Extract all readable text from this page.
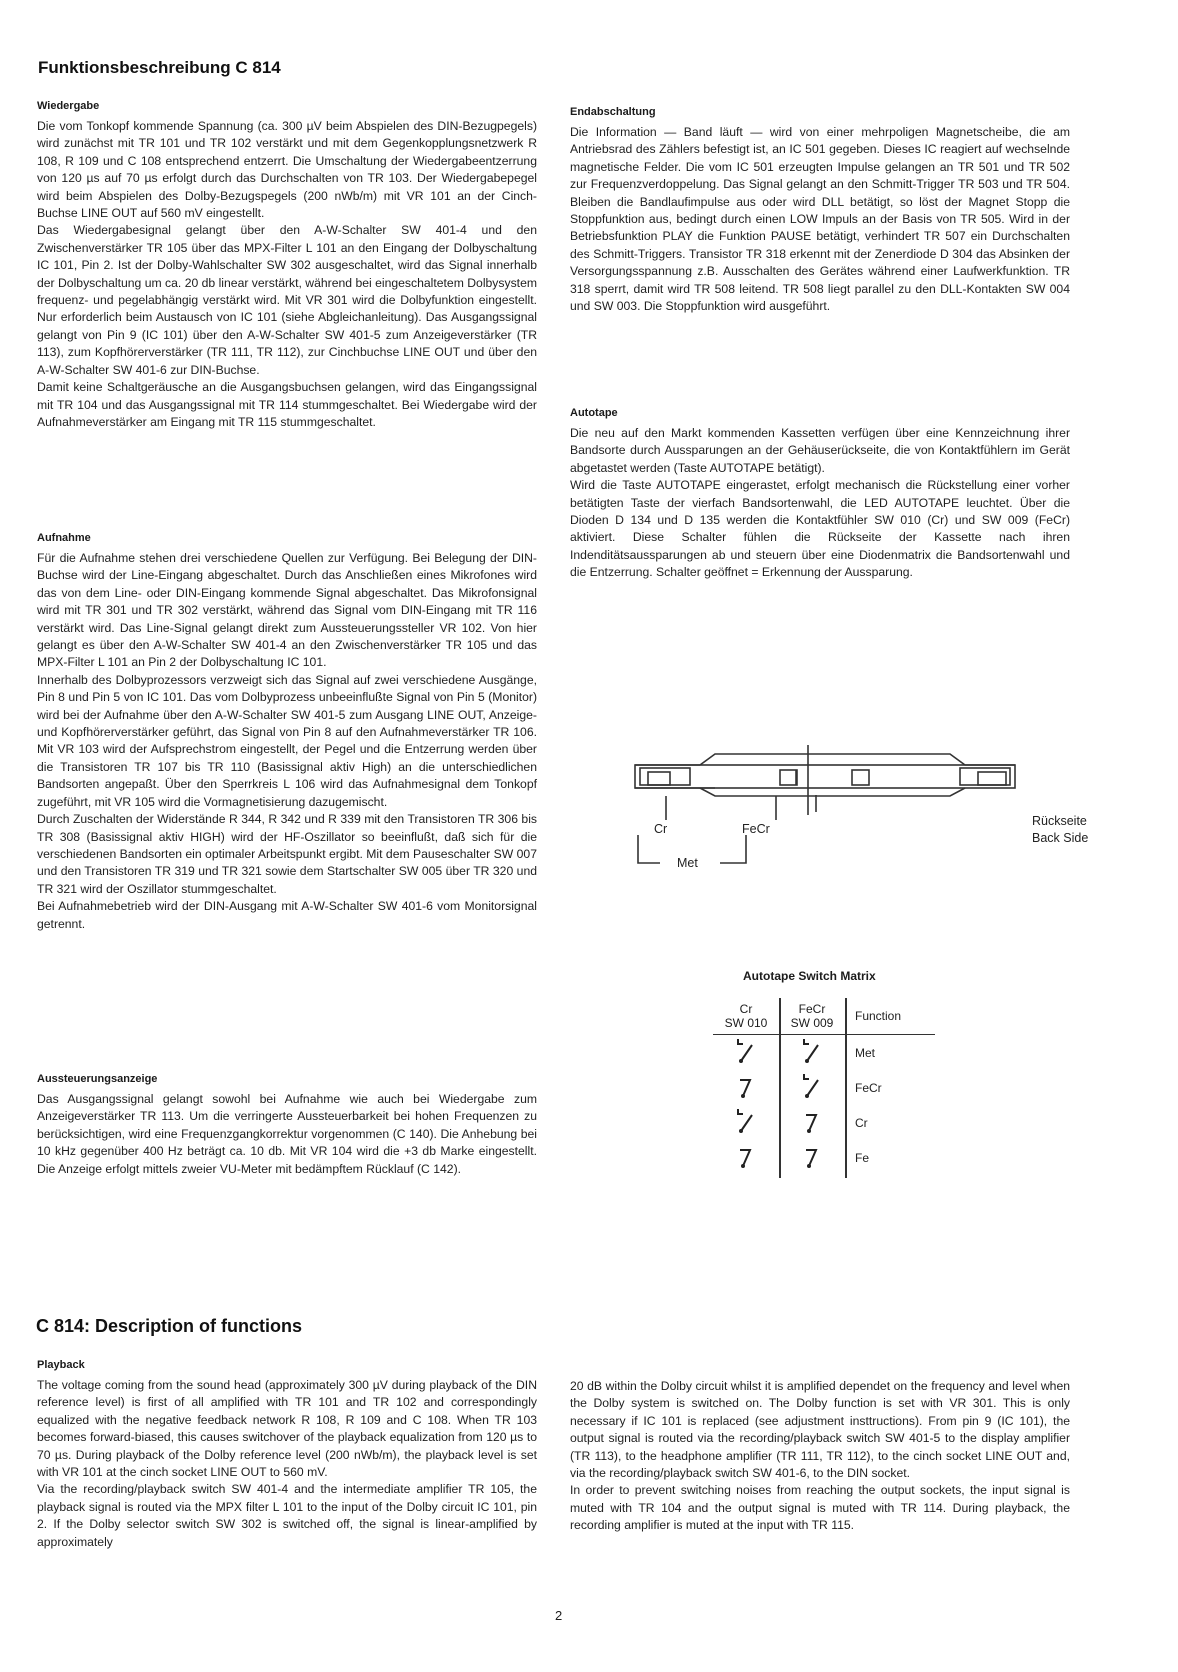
Funktionsbeschreibung C 814
Wiedergabe

Die vom Tonkopf kommende Spannung (ca. 300 µV beim Abspielen des DIN-Bezugpegels) wird zunächst mit TR 101 und TR 102 verstärkt und mit dem Gegenkopplungsnetzwerk R 108, R 109 und C 108 entsprechend entzerrt. Die Umschaltung der Wiedergabeentzerrung von 120 µs auf 70 µs erfolgt durch das Durchschalten von TR 103. Der Wiedergabepegel wird beim Abspielen des Dolby-Bezugspegels (200 nWb/m) mit VR 101 an der Cinch-Buchse LINE OUT auf 560 mV eingestellt.

Das Wiedergabesignal gelangt über den A-W-Schalter SW 401-4 und den Zwischenverstärker TR 105 über das MPX-Filter L 101 an den Eingang der Dolbyschaltung IC 101, Pin 2. Ist der Dolby-Wahlschalter SW 302 ausgeschaltet, wird das Signal innerhalb der Dolbyschaltung um ca. 20 db linear verstärkt, während bei eingeschaltetem Dolbysystem frequenz- und pegelabhängig verstärkt wird. Mit VR 301 wird die Dolbyfunktion eingestellt. Nur erforderlich beim Austausch von IC 101 (siehe Abgleichanleitung). Das Ausgangssignal gelangt von Pin 9 (IC 101) über den A-W-Schalter SW 401-5 zum Anzeigeverstärker (TR 113), zum Kopfhörerverstärker (TR 111, TR 112), zur Cinchbuchse LINE OUT und über den A-W-Schalter SW 401-6 zur DIN-Buchse.

Damit keine Schaltgeräusche an die Ausgangsbuchsen gelangen, wird das Eingangssignal mit TR 104 und das Ausgangssignal mit TR 114 stummgeschaltet. Bei Wiedergabe wird der Aufnahmeverstärker am Eingang mit TR 115 stummgeschaltet.

Aufnahme

Für die Aufnahme stehen drei verschiedene Quellen zur Verfügung. Bei Belegung der DIN-Buchse wird der Line-Eingang abgeschaltet. Durch das Anschließen eines Mikrofones wird das von dem Line- oder DIN-Eingang kommende Signal abgeschaltet. Das Mikrofonsignal wird mit TR 301 und TR 302 verstärkt, während das Signal vom DIN-Eingang mit TR 116 verstärkt wird. Das Line-Signal gelangt direkt zum Aussteuerungssteller VR 102. Von hier gelangt es über den A-W-Schalter SW 401-4 an den Zwischenverstärker TR 105 und das MPX-Filter L 101 an Pin 2 der Dolbyschaltung IC 101.

Innerhalb des Dolbyprozessors verzweigt sich das Signal auf zwei verschiedene Ausgänge, Pin 8 und Pin 5 von IC 101. Das vom Dolbyprozess unbeeinflußte Signal von Pin 5 (Monitor) wird bei der Aufnahme über den A-W-Schalter SW 401-5 zum Ausgang LINE OUT, Anzeige- und Kopfhörerverstärker geführt, das Signal von Pin 8 auf den Aufnahmeverstärker TR 106. Mit VR 103 wird der Aufsprechstrom eingestellt, der Pegel und die Entzerrung werden über die Transistoren TR 107 bis TR 110 (Basissignal aktiv High) an die unterschiedlichen Bandsorten angepaßt. Über den Sperrkreis L 106 wird das Aufnahmesignal dem Tonkopf zugeführt, mit VR 105 wird die Vormagnetisierung dazugemischt.

Durch Zuschalten der Widerstände R 344, R 342 und R 339 mit den Transistoren TR 306 bis TR 308 (Basissignal aktiv HIGH) wird der HF-Oszillator so beeinflußt, daß sich für die verschiedenen Bandsorten ein optimaler Arbeitspunkt ergibt. Mit dem Pauseschalter SW 007 und den Transistoren TR 319 und TR 321 sowie dem Startschalter SW 005 über TR 320 und TR 321 wird der Oszillator stummgeschaltet.

Bei Aufnahmebetrieb wird der DIN-Ausgang mit A-W-Schalter SW 401-6 vom Monitorsignal getrennt.

Aussteuerungsanzeige

Das Ausgangssignal gelangt sowohl bei Aufnahme wie auch bei Wiedergabe zum Anzeigeverstärker TR 113. Um die verringerte Aussteuerbarkeit bei hohen Frequenzen zu berücksichtigen, wird eine Frequenzgangkorrektur vorgenommen (C 140). Die Anhebung bei 10 kHz gegenüber 400 Hz beträgt ca. 10 db. Mit VR 104 wird die +3 db Marke eingestellt. Die Anzeige erfolgt mittels zweier VU-Meter mit bedämpftem Rücklauf (C 142).

Endabschaltung

Die Information — Band läuft — wird von einer mehrpoligen Magnetscheibe, die am Antriebsrad des Zählers befestigt ist, an IC 501 gegeben. Dieses IC reagiert auf wechselnde magnetische Felder. Die vom IC 501 erzeugten Impulse gelangen an TR 501 und TR 502 zur Frequenzverdoppelung. Das Signal gelangt an den Schmitt-Trigger TR 503 und TR 504. Bleiben die Bandlaufimpulse aus oder wird DLL betätigt, so löst der Magnet Stopp die Stoppfunktion aus, bedingt durch einen LOW Impuls an der Basis von TR 505. Wird in der Betriebsfunktion PLAY die Funktion PAUSE betätigt, verhindert TR 507 ein Durchschalten des Schmitt-Triggers. Transistor TR 318 erkennt mit der Zenerdiode D 304 das Absinken der Versorgungsspannung z.B. Ausschalten des Gerätes während einer Laufwerkfunktion. TR 318 sperrt, damit wird TR 508 leitend. TR 508 liegt parallel zu den DLL-Kontakten SW 004 und SW 003. Die Stoppfunktion wird ausgeführt.

Autotape

Die neu auf den Markt kommenden Kassetten verfügen über eine Kennzeichnung ihrer Bandsorte durch Aussparungen an der Gehäuserückseite, die von Kontaktfühlern im Gerät abgetastet werden (Taste AUTOTAPE betätigt).

Wird die Taste AUTOTAPE eingerastet, erfolgt mechanisch die Rückstellung einer vorher betätigten Taste der vierfach Bandsortenwahl, die LED AUTOTAPE leuchtet. Über die Dioden D 134 und D 135 werden die Kontaktfühler SW 010 (Cr) und SW 009 (FeCr) aktiviert. Diese Schalter fühlen die Rückseite der Kassette nach ihren Indenditätsaussparungen ab und steuern über eine Diodenmatrix die Bandsortenwahl und die Entzerrung. Schalter geöffnet = Erkennung der Aussparung.

Cr	FeCr
Met
Rückseite
Back Side
Autotape Switch Matrix
Cr
SW 010
FeCr
SW 009	Function
Met
FeCr
Cr
Fe
C 814: Description of functions
Playback

The voltage coming from the sound head (approximately 300 µV during playback of the DIN reference level) is first of all amplified with TR 101 and TR 102 and correspondingly equalized with the negative feedback network R 108, R 109 and C 108. When TR 103 becomes forward-biased, this causes switchover of the playback equalization from 120 µs to 70 µs. During playback of the Dolby reference level (200 nWb/m), the playback level is set with VR 101 at the cinch socket LINE OUT to 560 mV.

Via the recording/playback switch SW 401-4 and the intermediate amplifier TR 105, the playback signal is routed via the MPX filter L 101 to the input of the Dolby circuit IC 101, pin 2. If the Dolby selector switch SW 302 is switched off, the signal is linear-amplified by approximately

20 dB within the Dolby circuit whilst it is amplified dependet on the frequency and level when the Dolby system is switched on. The Dolby function is set with VR 301. This is only necessary if IC 101 is replaced (see adjustment insttructions). From pin 9 (IC 101), the output signal is routed via the recording/playback switch SW 401-5 to the display amplifier (TR 113), to the headphone amplifier (TR 111, TR 112), to the cinch socket LINE OUT and, via the recording/playback switch SW 401-6, to the DIN socket.

In order to prevent switching noises from reaching the output sockets, the input signal is muted with TR 104 and the output signal is muted with TR 114. During playback, the recording amplifier is muted at the input with TR 115.

2
